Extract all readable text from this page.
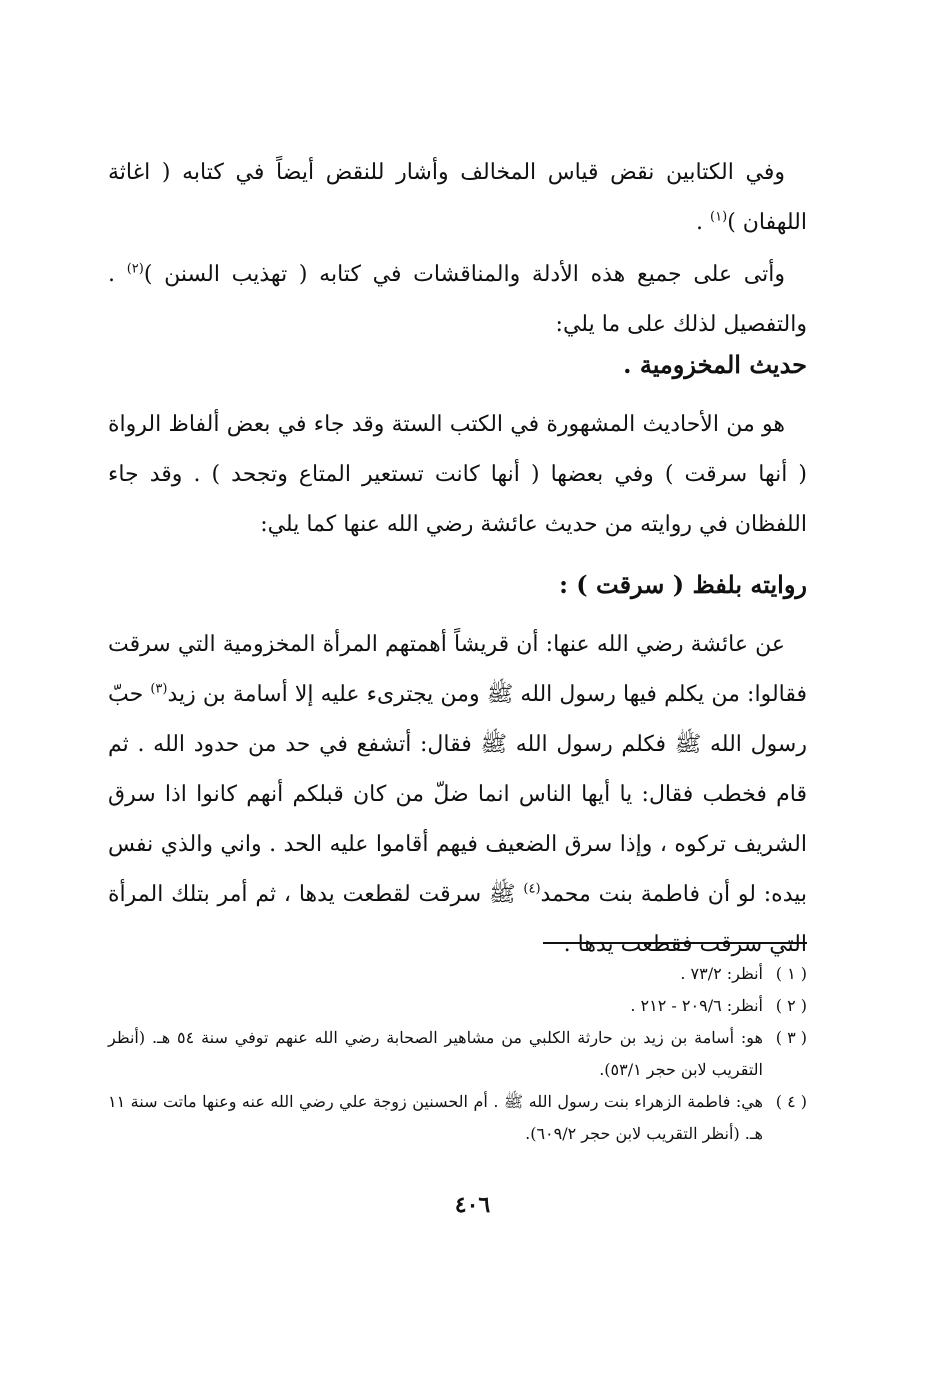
وفي الكتابين نقض قياس المخالف وأشار للنقض أيضاً في كتابه ( اغاثة اللهفان )$^{(١)}$ .
وأتى على جميع هذه الأدلة والمناقشات في كتابه ( تهذيب السنن )$^{(٢)}$ . والتفصيل لذلك على ما يلي:
حديث المخزومية .
هو من الأحاديث المشهورة في الكتب الستة وقد جاء في بعض ألفاظ الرواة ( أنها سرقت ) وفي بعضها ( أنها كانت تستعير المتاع وتجحد ) . وقد جاء اللفظان في روايته من حديث عائشة رضي الله عنها كما يلي:
روايته بلفظ ( سرقت ) :
عن عائشة رضي الله عنها: أن قريشاً أهمتهم المرأة المخزومية التي سرقت فقالوا: من يكلم فيها رسول الله ﷺ ومن يجترىء عليه إلا أسامة بن زيد$^{(٣)}$ حبّ رسول الله ﷺ فكلم رسول الله ﷺ فقال: أتشفع في حد من حدود الله . ثم قام فخطب فقال: يا أيها الناس انما ضلّ من كان قبلكم أنهم كانوا اذا سرق الشريف تركوه ، وإذا سرق الضعيف فيهم أقاموا عليه الحد . واني والذي نفس بيده: لو أن فاطمة بنت محمد$^{(٤)}$ ﷺ سرقت لقطعت يدها ، ثم أمر بتلك المرأة التي سرقت فقطعت يدها .
( ١ )
أنظر: ٧٣/٢ .
( ٢ )
أنظر: ٢٠٩/٦ - ٢١٢ .
( ٣ )
هو: أسامة بن زيد بن حارثة الكلبي من مشاهير الصحابة رضي الله عنهم توفي سنة ٥٤ هـ. (أنظر التقريب لابن حجر ٥٣/١).
( ٤ )
هي: فاطمة الزهراء بنت رسول الله ﷺ . أم الحسنين زوجة علي رضي الله عنه وعنها ماتت سنة ١١ هـ. (أنظر التقريب لابن حجر ٦٠٩/٢).
٤٠٦
